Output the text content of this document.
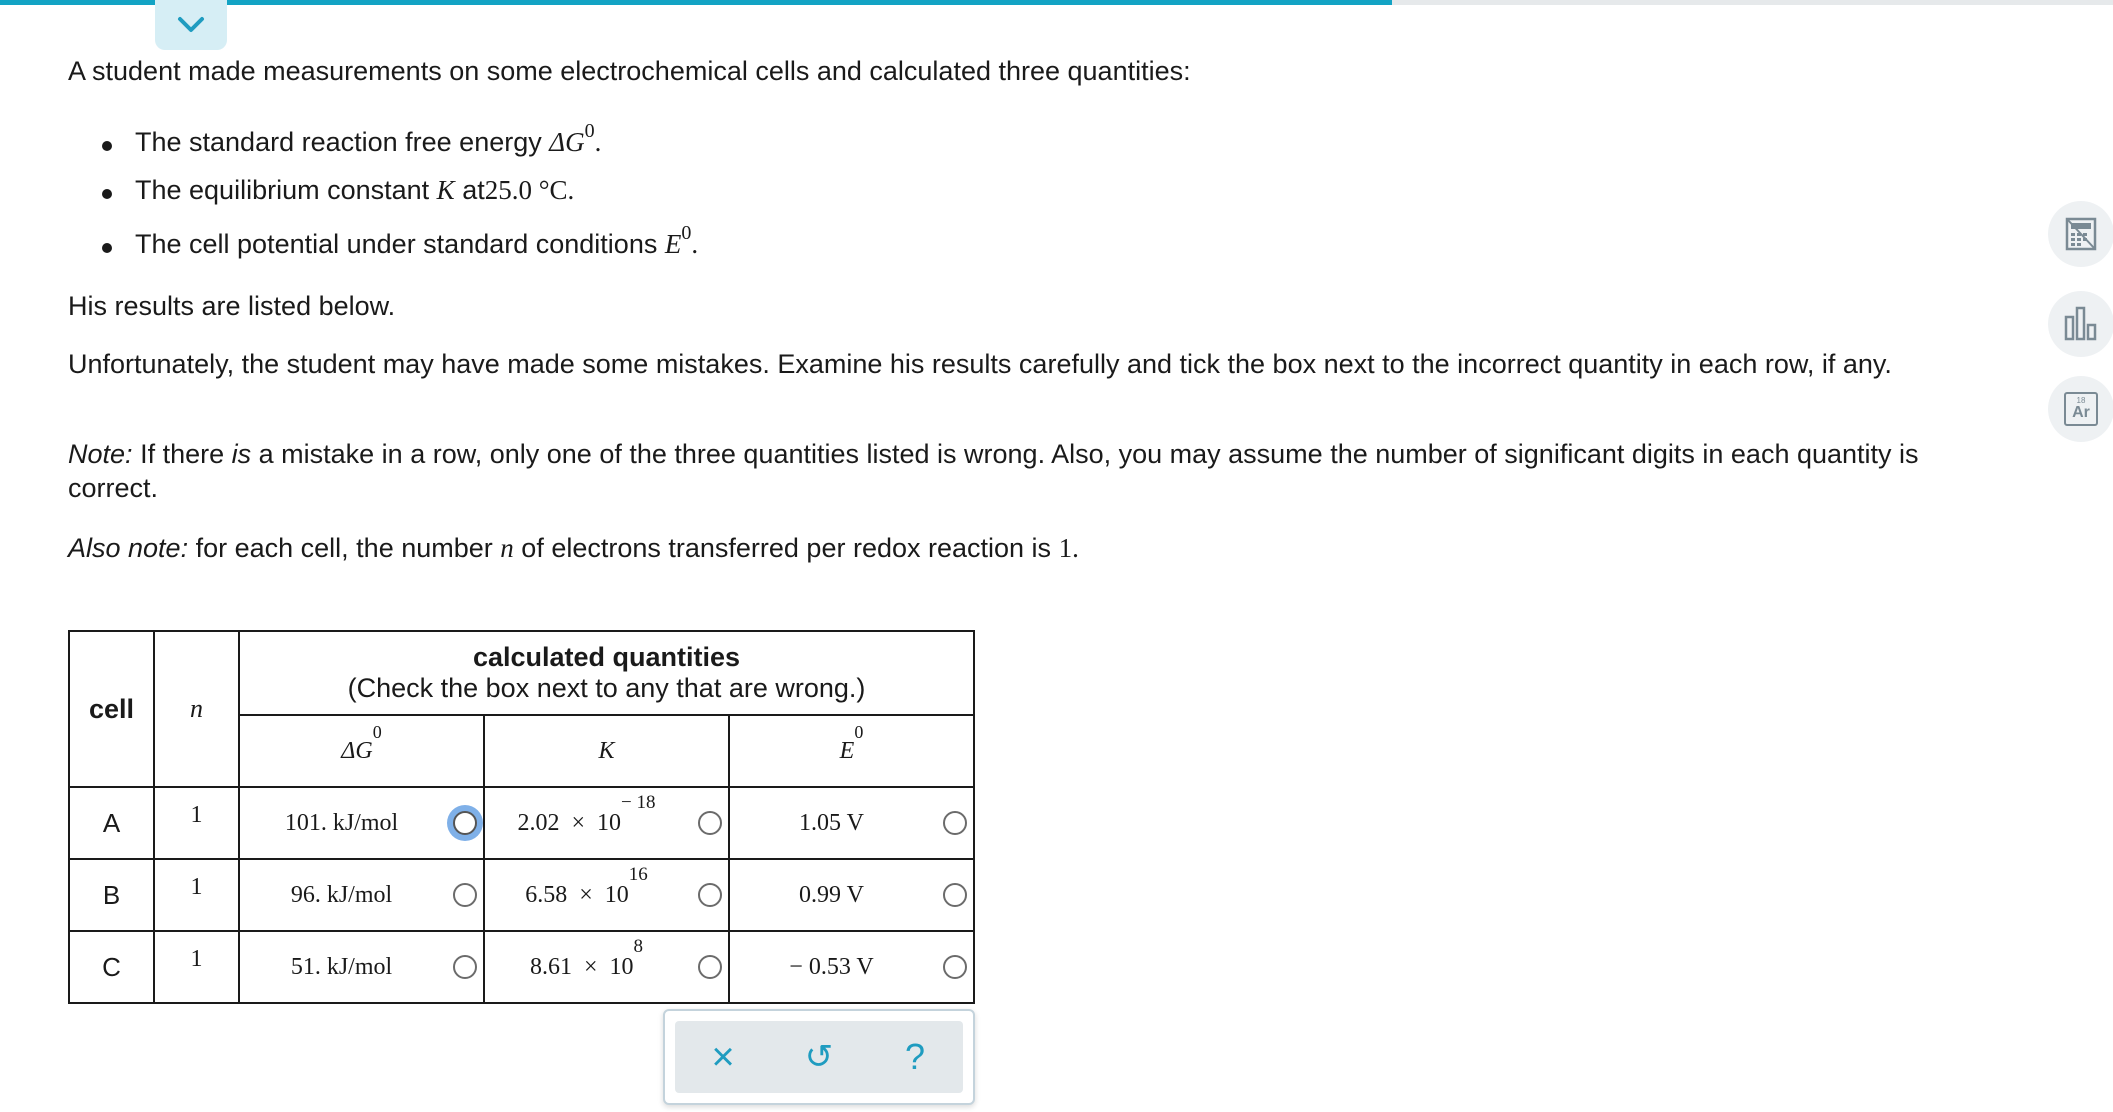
A student made measurements on some electrochemical cells and calculated three quantities:
The standard reaction free energy $\Delta G^0$.
The equilibrium constant K at25.0 °C.
The cell potential under standard conditions $E^0$.
His results are listed below.
Unfortunately, the student may have made some mistakes. Examine his results carefully and tick the box next to the incorrect quantity in each row, if any.
Note: If there is a mistake in a row, only one of the three quantities listed is wrong. Also, you may assume the number of significant digits in each quantity is correct.
Also note: for each cell, the number n of electrons transferred per redox reaction is 1.
cell	n	calculated quantities
(Check the box next to any that are wrong.)		

		$\Delta G^0$	K	$E^0$
A	1	101. kJ/mol	2.02
×
10
− 18	1.05 V

B	1	96. kJ/mol	6.58
×
10
16	0.99 V

C	1	51. kJ/mol	8.61
×
10
8	− 0.53 V
× ↺ ?
18
Ar
